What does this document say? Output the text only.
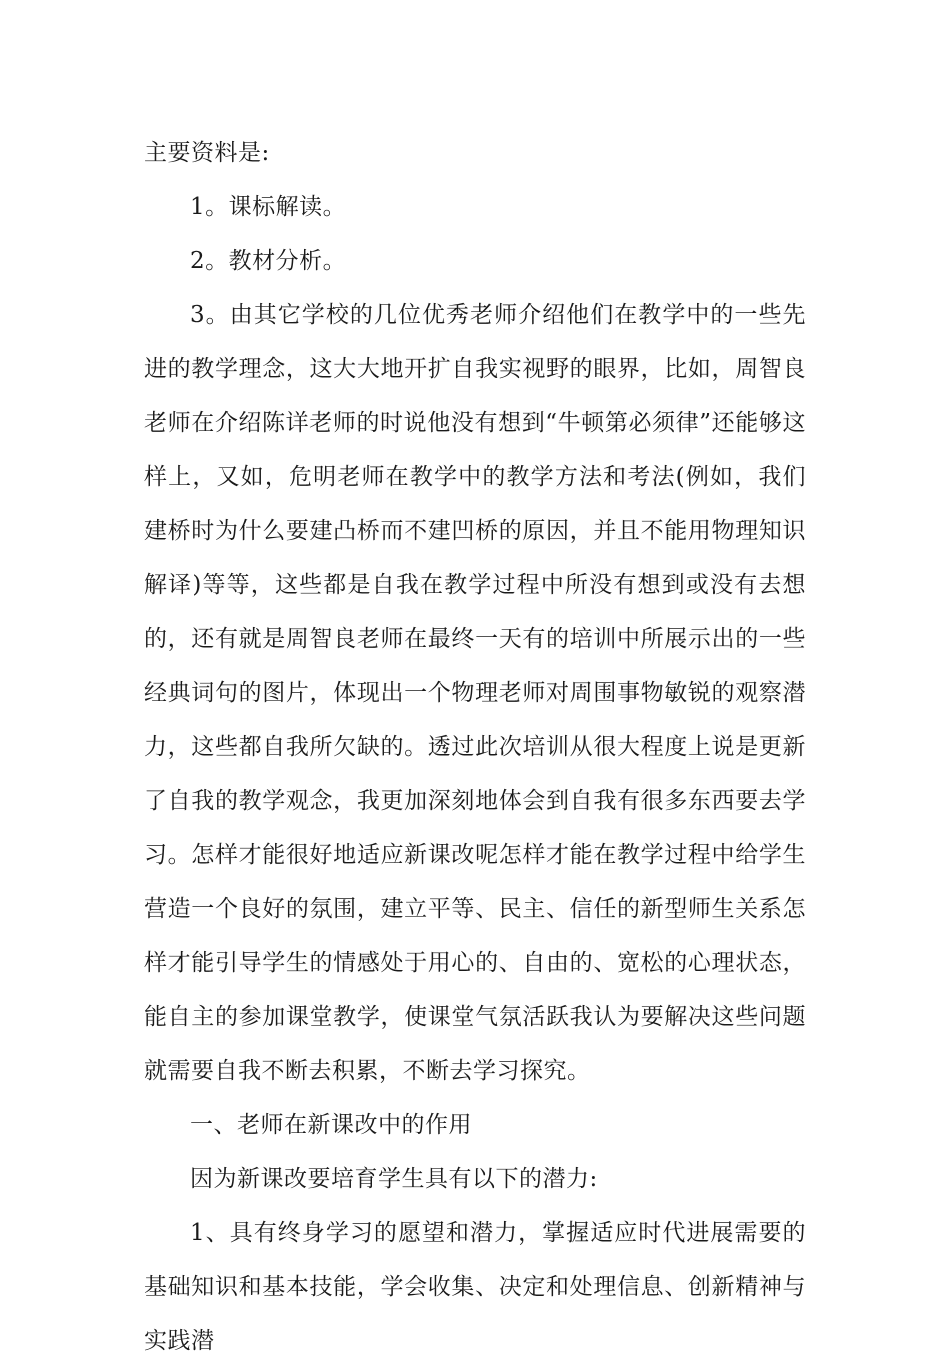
主要资料是:

1。课标解读。

2。教材分析。

3。由其它学校的几位优秀老师介绍他们在教学中的一些先进的教学理念，这大大地开扩自我实视野的眼界，比如，周智良老师在介绍陈详老师的时说他没有想到“牛顿第必须律”还能够这样上，又如，危明老师在教学中的教学方法和考法(例如，我们建桥时为什么要建凸桥而不建凹桥的原因，并且不能用物理知识解译)等等，这些都是自我在教学过程中所没有想到或没有去想的，还有就是周智良老师在最终一天有的培训中所展示出的一些经典词句的图片，体现出一个物理老师对周围事物敏锐的观察潜力，这些都自我所欠缺的。透过此次培训从很大程度上说是更新了自我的教学观念，我更加深刻地体会到自我有很多东西要去学习。怎样才能很好地适应新课改呢怎样才能在教学过程中给学生营造一个良好的氛围，建立平等、民主、信任的新型师生关系怎样才能引导学生的情感处于用心的、自由的、宽松的心理状态，能自主的参加课堂教学，使课堂气氛活跃我认为要解决这些问题就需要自我不断去积累，不断去学习探究。

一、老师在新课改中的作用

因为新课改要培育学生具有以下的潜力:

1、具有终身学习的愿望和潜力，掌握适应时代进展需要的基础知识和基本技能，学会收集、决定和处理信息、创新精神与实践潜
